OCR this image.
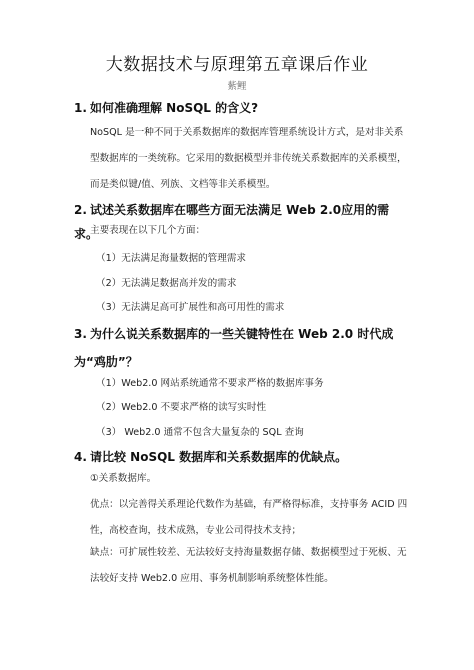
大数据技术与原理第五章课后作业
紫鲤
1. 如何准确理解 NoSQL 的含义?
NoSQL 是一种不同于关系数据库的数据库管理系统设计方式，是对非关系型数据库的一类统称。它采用的数据模型并非传统关系数据库的关系模型，而是类似键/值、列族、文档等非关系模型。
2. 试述关系数据库在哪些方面无法满足 Web 2.0应用的需求。
主要表现在以下几个方面：
（1）无法满足海量数据的管理需求
（2）无法满足数据高并发的需求
（3）无法满足高可扩展性和高可用性的需求
3. 为什么说关系数据库的一些关键特性在 Web 2.0 时代成为“鸡肋”？
（1）Web2.0 网站系统通常不要求严格的数据库事务
（2）Web2.0 不要求严格的读写实时性
（3） Web2.0 通常不包含大量复杂的 SQL 查询
4. 请比较 NoSQL 数据库和关系数据库的优缺点。
①关系数据库。
优点：以完善得关系理论代数作为基础，有严格得标准，支持事务 ACID 四性，高校查询，技术成熟，专业公司得技术支持；
缺点：可扩展性较差、无法较好支持海量数据存储、数据模型过于死板、无法较好支持 Web2.0 应用、事务机制影响系统整体性能。
